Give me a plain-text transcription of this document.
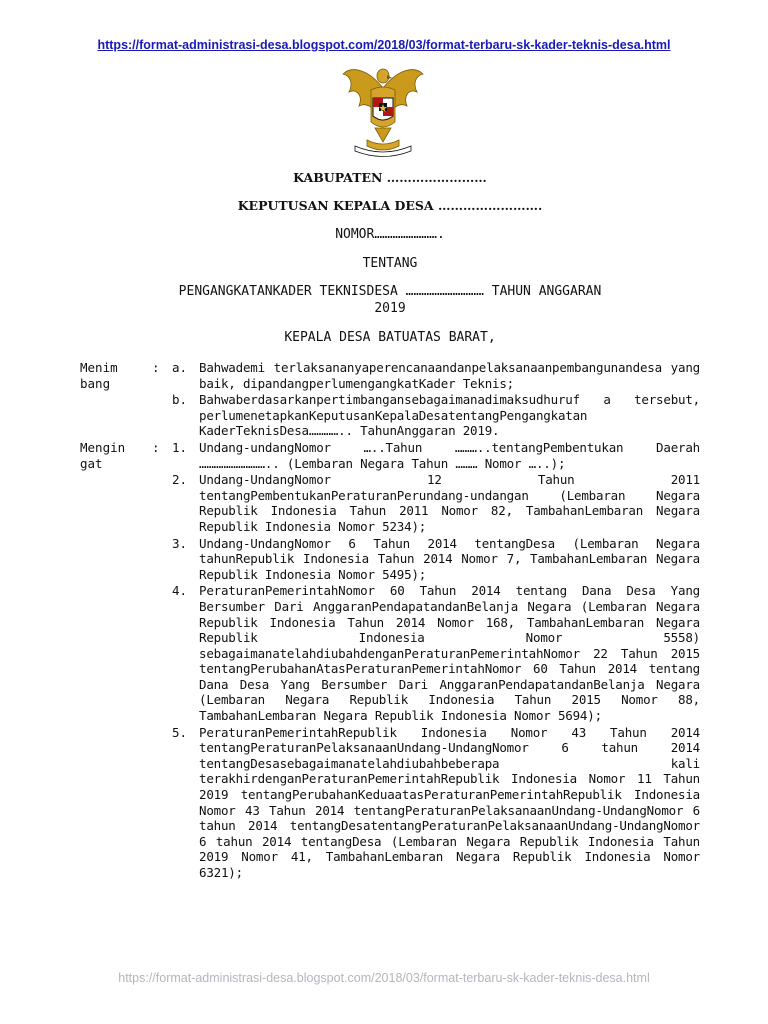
https://format-administrasi-desa.blogspot.com/2018/03/format-terbaru-sk-kader-teknis-desa.html
KABUPATEN ……………………
KEPUTUSAN KEPALA DESA …………………….
NOMOR…………………….
TENTANG
PENGANGKATANKADER TEKNISDESA ………………………… TAHUN ANGGARAN
2019
KEPALA DESA BATUATAS BARAT,
Menim
bang
: a. Bahwademi terlaksananyaperencanaandanpelaksanaanpembangunandesa yang baik, dipandangperlumengangkatKader Teknis;
b. Bahwaberdasarkanpertimbangansebagaimanadimaksudhuruf a tersebut, perlumenetapkanKeputusanKepalaDesatentangPengangkatan KaderTeknisDesa………….. TahunAnggaran 2019.
Mengin
gat
: 1. Undang-undangNomor …..Tahun ………..tentangPembentukan Daerah ……………………….. (Lembaran Negara Tahun ……… Nomor …..);
2. Undang-UndangNomor 12 Tahun 2011 tentangPembentukanPeraturanPerundang-undangan (Lembaran Negara Republik Indonesia Tahun 2011 Nomor 82, TambahanLembaran Negara Republik Indonesia Nomor 5234);
3. Undang-UndangNomor 6 Tahun 2014 tentangDesa (Lembaran Negara tahunRepublik Indonesia Tahun 2014 Nomor 7, TambahanLembaran Negara Republik Indonesia Nomor 5495);
4. PeraturanPemerintahNomor 60 Tahun 2014 tentang Dana Desa Yang Bersumber Dari AnggaranPendapatandanBelanja Negara (Lembaran Negara Republik Indonesia Tahun 2014 Nomor 168, TambahanLembaran Negara Republik Indonesia Nomor 5558) sebagaimanatelahdiubahdenganPeraturanPemerintahNomor 22 Tahun 2015 tentangPerubahanAtasPeraturanPemerintahNomor 60 Tahun 2014 tentang Dana Desa Yang Bersumber Dari AnggaranPendapatandanBelanja Negara (Lembaran Negara Republik Indonesia Tahun 2015 Nomor 88, TambahanLembaran Negara Republik Indonesia Nomor 5694);
5. PeraturanPemerintahRepublik Indonesia Nomor 43 Tahun 2014 tentangPeraturanPelaksanaanUndang-UndangNomor 6 tahun 2014 tentangDesasebagaimanatelahdiubahbeberapa kali terakhirdenganPeraturanPemerintahRepublik Indonesia Nomor 11 Tahun 2019 tentangPerubahanKeduaatasPeraturanPemerintahRepublik Indonesia Nomor 43 Tahun 2014 tentangPeraturanPelaksanaanUndang-UndangNomor 6 tahun 2014 tentangDesatentangPeraturanPelaksanaanUndang-UndangNomor 6 tahun 2014 tentangDesa (Lembaran Negara Republik Indonesia Tahun 2019 Nomor 41, TambahanLembaran Negara Republik Indonesia Nomor 6321);
https://format-administrasi-desa.blogspot.com/2018/03/format-terbaru-sk-kader-teknis-desa.html
